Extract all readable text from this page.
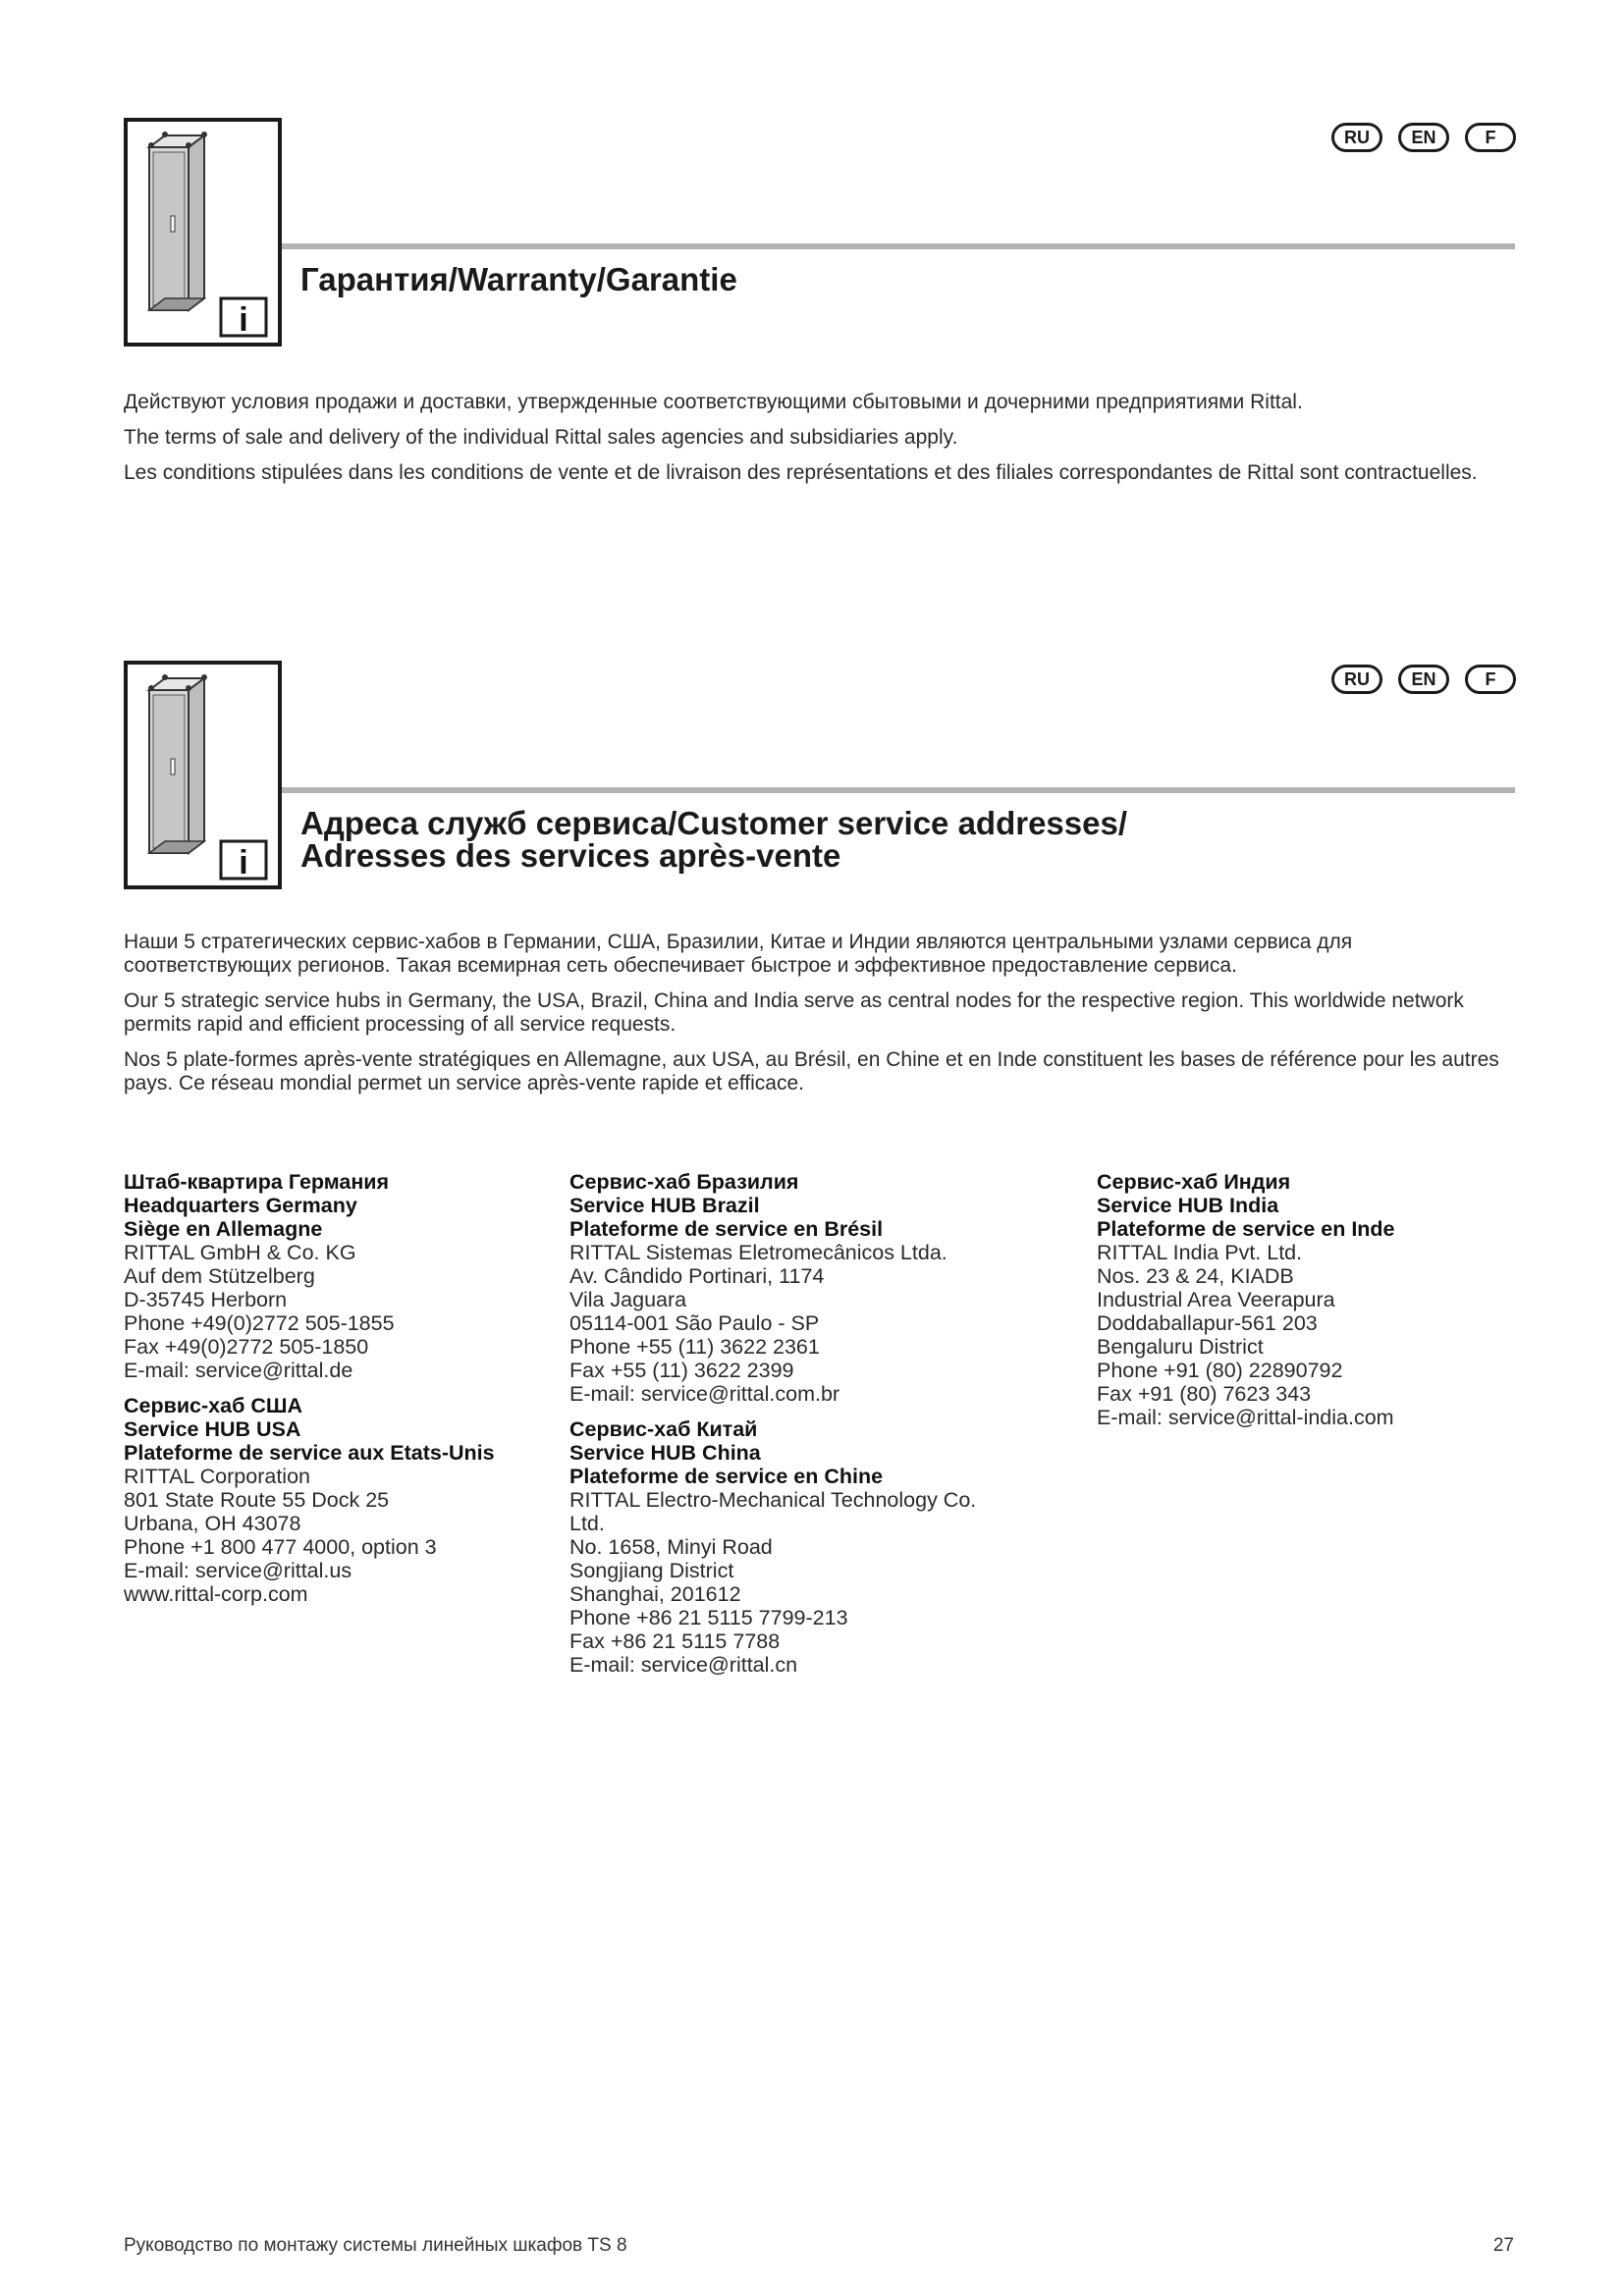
RU	EN	F
i
Гарантия/Warranty/Garantie

Действуют условия продажи и доставки, утвержденные соответствующими сбытовыми и дочерними предприятиями Rittal.

The terms of sale and delivery of the individual Rittal sales agencies and subsidiaries apply.

Les conditions stipulées dans les conditions de vente et de livraison des représentations et des filiales correspondantes de Rittal sont contractuelles.

RU	EN	F
i
Адреса служб сервиса/Customer service addresses/
Adresses des services après-vente

Наши 5 стратегических сервис-хабов в Германии, США, Бразилии, Китае и Индии являются центральными узлами сервиса для соответствующих регионов. Такая всемирная сеть обеспечивает быстрое и эффективное предоставление сервиса.

Our 5 strategic service hubs in Germany, the USA, Brazil, China and India serve as central nodes for the respective region. This worldwide network permits rapid and efficient processing of all service requests.

Nos 5 plate-formes après-vente stratégiques en Allemagne, aux USA, au Brésil, en Chine et en Inde constituent les bases de référence pour les autres pays. Ce réseau mondial permet un service après-vente rapide et efficace.

Штаб-квартира Германия
Headquarters Germany
Siège en Allemagne
RITTAL GmbH & Co. KG
Auf dem Stützelberg
D-35745 Herborn
Phone +49(0)2772 505-1855
Fax +49(0)2772 505-1850
E-mail: service@rittal.de
Сервис-хаб США
Service HUB USA
Plateforme de service aux Etats-Unis
RITTAL Corporation
801 State Route 55 Dock 25
Urbana, OH 43078
Phone +1 800 477 4000, option 3
E-mail: service@rittal.us
www.rittal-corp.com
Сервис-хаб Бразилия
Service HUB Brazil
Plateforme de service en Brésil
RITTAL Sistemas Eletromecânicos Ltda.
Av. Cândido Portinari, 1174
Vila Jaguara
05114-001 São Paulo - SP
Phone +55 (11) 3622 2361
Fax +55 (11) 3622 2399
E-mail: service@rittal.com.br
Сервис-хаб Китай
Service HUB China
Plateforme de service en Chine
RITTAL Electro-Mechanical Technology Co.
Ltd.
No. 1658, Minyi Road
Songjiang District
Shanghai, 201612
Phone +86 21 5115 7799-213
Fax +86 21 5115 7788
E-mail: service@rittal.cn
Сервис-хаб Индия
Service HUB India
Plateforme de service en Inde
RITTAL India Pvt. Ltd.
Nos. 23 & 24, KIADB
Industrial Area Veerapura
Doddaballapur-561 203
Bengaluru District
Phone +91 (80) 22890792
Fax +91 (80) 7623 343
E-mail: service@rittal-india.com
Руководство по монтажу системы линейных шкафов TS 8	27
